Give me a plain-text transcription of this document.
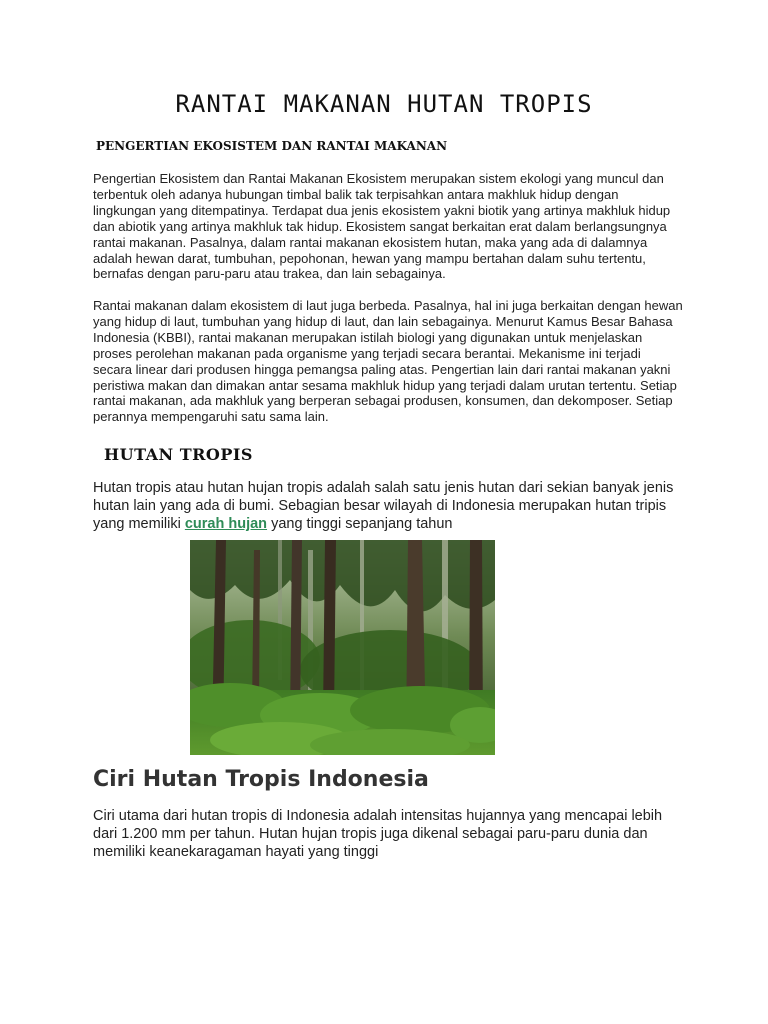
RANTAI MAKANAN HUTAN TROPIS
PENGERTIAN EKOSISTEM DAN RANTAI MAKANAN

Pengertian Ekosistem dan Rantai Makanan Ekosistem merupakan sistem ekologi yang muncul dan terbentuk oleh adanya hubungan timbal balik tak terpisahkan antara makhluk hidup dengan lingkungan yang ditempatinya. Terdapat dua jenis ekosistem yakni biotik yang artinya makhluk hidup dan abiotik yang artinya makhluk tak hidup. Ekosistem sangat berkaitan erat dalam berlangsungnya rantai makanan. Pasalnya, dalam rantai makanan ekosistem hutan, maka yang ada di dalamnya adalah hewan darat, tumbuhan, pepohonan, hewan yang mampu bertahan dalam suhu tertentu, bernafas dengan paru-paru atau trakea, dan lain sebagainya.

Rantai makanan dalam ekosistem di laut juga berbeda. Pasalnya, hal ini juga berkaitan dengan hewan yang hidup di laut, tumbuhan yang hidup di laut, dan lain sebagainya. Menurut Kamus Besar Bahasa Indonesia (KBBI), rantai makanan merupakan istilah biologi yang digunakan untuk menjelaskan proses perolehan makanan pada organisme yang terjadi secara berantai. Mekanisme ini terjadi secara linear dari produsen hingga pemangsa paling atas. Pengertian lain dari rantai makanan yakni peristiwa makan dan dimakan antar sesama makhluk hidup yang terjadi dalam urutan tertentu. Setiap rantai makanan, ada makhluk yang berperan sebagai produsen, konsumen, dan dekomposer. Setiap perannya mempengaruhi satu sama lain.

HUTAN TROPIS

Hutan tropis atau hutan hujan tropis adalah salah satu jenis hutan dari sekian banyak jenis hutan lain yang ada di bumi. Sebagian besar wilayah di Indonesia merupakan hutan tripis yang memiliki curah hujan yang tinggi sepanjang tahun

Ciri Hutan Tropis Indonesia

Ciri utama dari hutan tropis di Indonesia adalah intensitas hujannya yang mencapai lebih dari 1.200 mm per tahun. Hutan hujan tropis juga dikenal sebagai paru-paru dunia dan memiliki keanekaragaman hayati yang tinggi
